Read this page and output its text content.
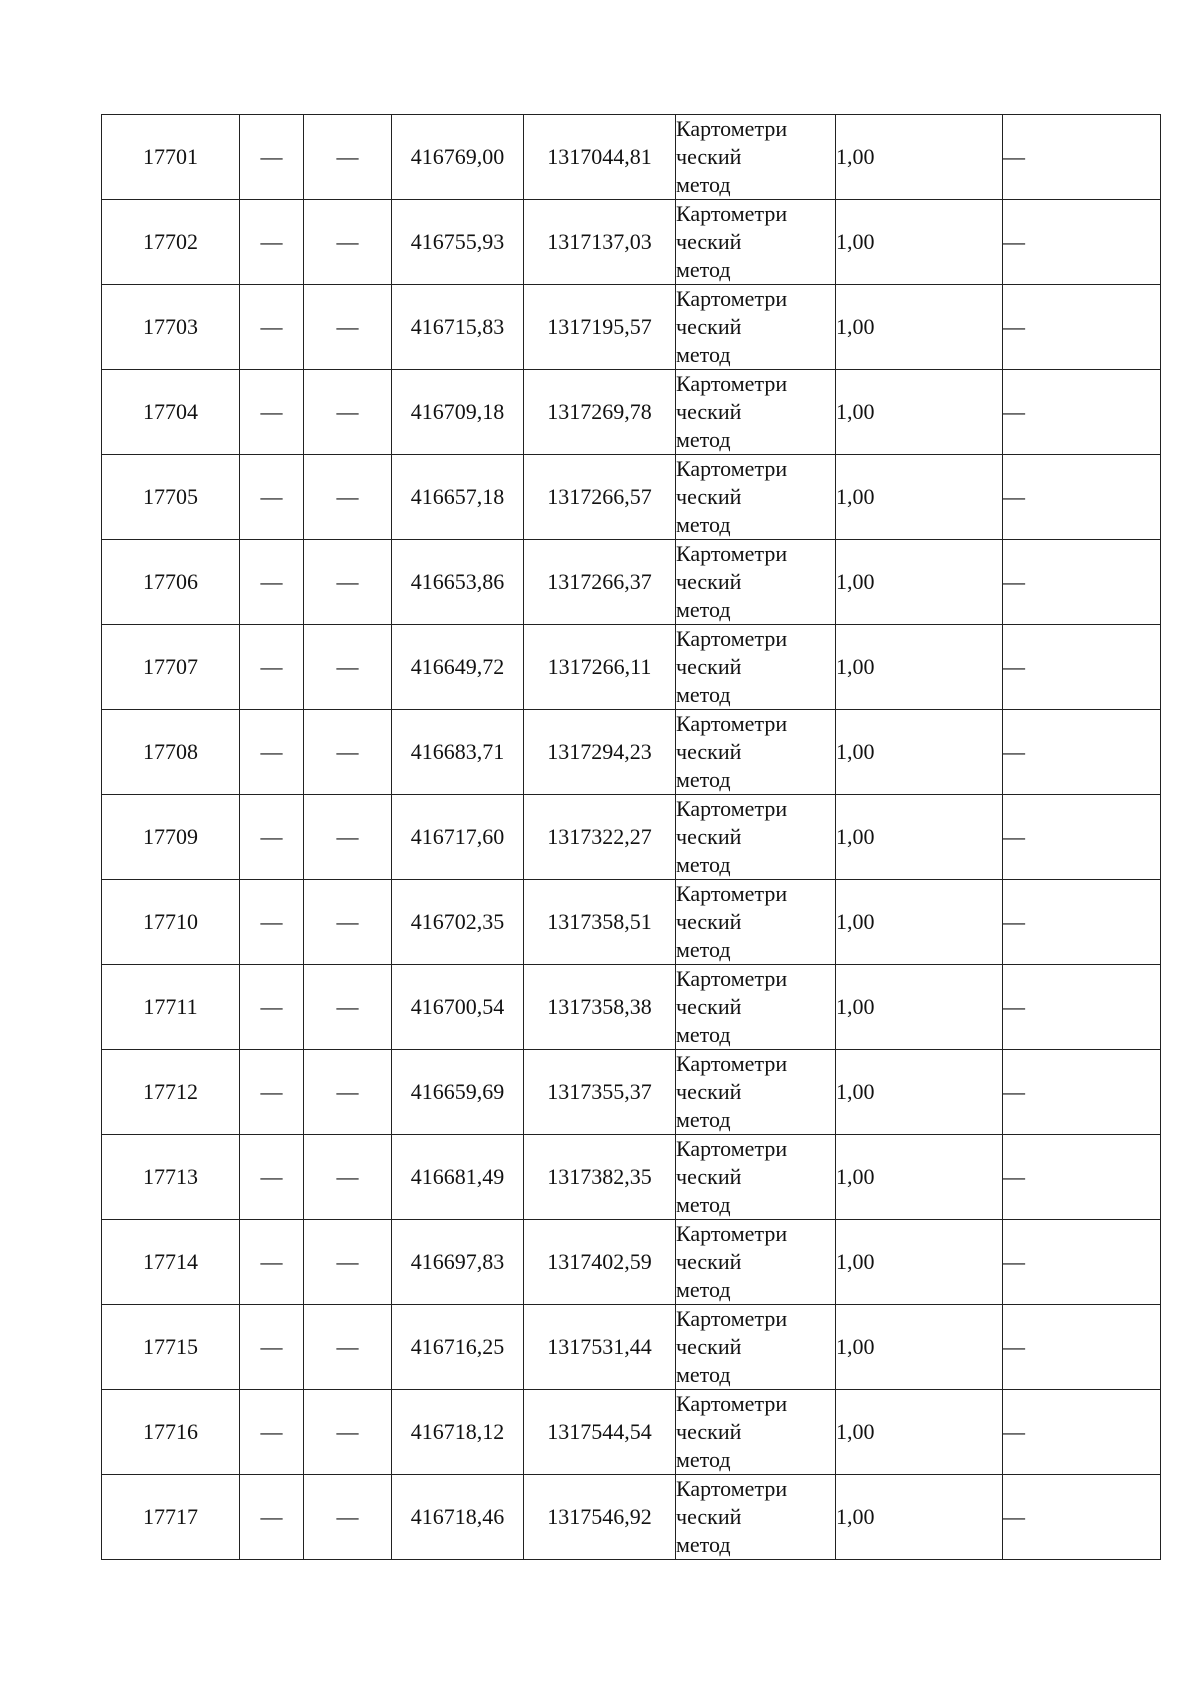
17701	—	—	416769,00	1317044,81	Картометри
ческий
метод	1,00	—
17702	—	—	416755,93	1317137,03	Картометри
ческий
метод	1,00	—
17703	—	—	416715,83	1317195,57	Картометри
ческий
метод	1,00	—
17704	—	—	416709,18	1317269,78	Картометри
ческий
метод	1,00	—
17705	—	—	416657,18	1317266,57	Картометри
ческий
метод	1,00	—
17706	—	—	416653,86	1317266,37	Картометри
ческий
метод	1,00	—
17707	—	—	416649,72	1317266,11	Картометри
ческий
метод	1,00	—
17708	—	—	416683,71	1317294,23	Картометри
ческий
метод	1,00	—
17709	—	—	416717,60	1317322,27	Картометри
ческий
метод	1,00	—
17710	—	—	416702,35	1317358,51	Картометри
ческий
метод	1,00	—
17711	—	—	416700,54	1317358,38	Картометри
ческий
метод	1,00	—
17712	—	—	416659,69	1317355,37	Картометри
ческий
метод	1,00	—
17713	—	—	416681,49	1317382,35	Картометри
ческий
метод	1,00	—
17714	—	—	416697,83	1317402,59	Картометри
ческий
метод	1,00	—
17715	—	—	416716,25	1317531,44	Картометри
ческий
метод	1,00	—
17716	—	—	416718,12	1317544,54	Картометри
ческий
метод	1,00	—
17717	—	—	416718,46	1317546,92	Картометри
ческий
метод	1,00	—
